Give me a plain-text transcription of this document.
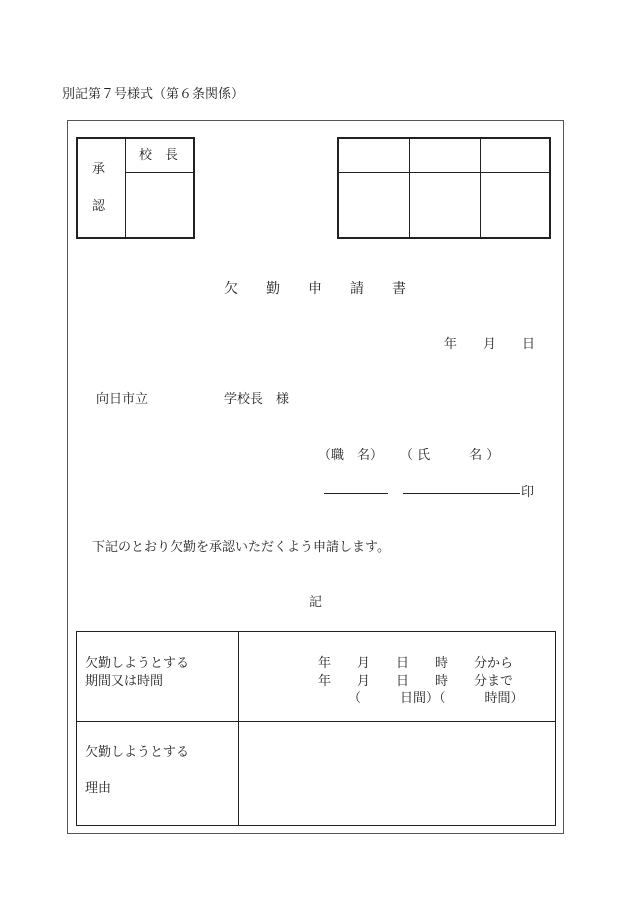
別記第７号様式（第６条関係）
承
認
校　長
欠　　勤　　申　　請　　書
年　　月　　日
向日市立	学校長　様
（職　名） （ 氏　　　名 ）
印
下記のとおり欠勤を承認いただくよう申請します。
記
欠勤しようとする
期間又は時間
年　　月　　日　　時　　分から
年　　月　　日　　時　　分まで
（　　　日間）（　　　時間）
欠勤しようとする
理由
